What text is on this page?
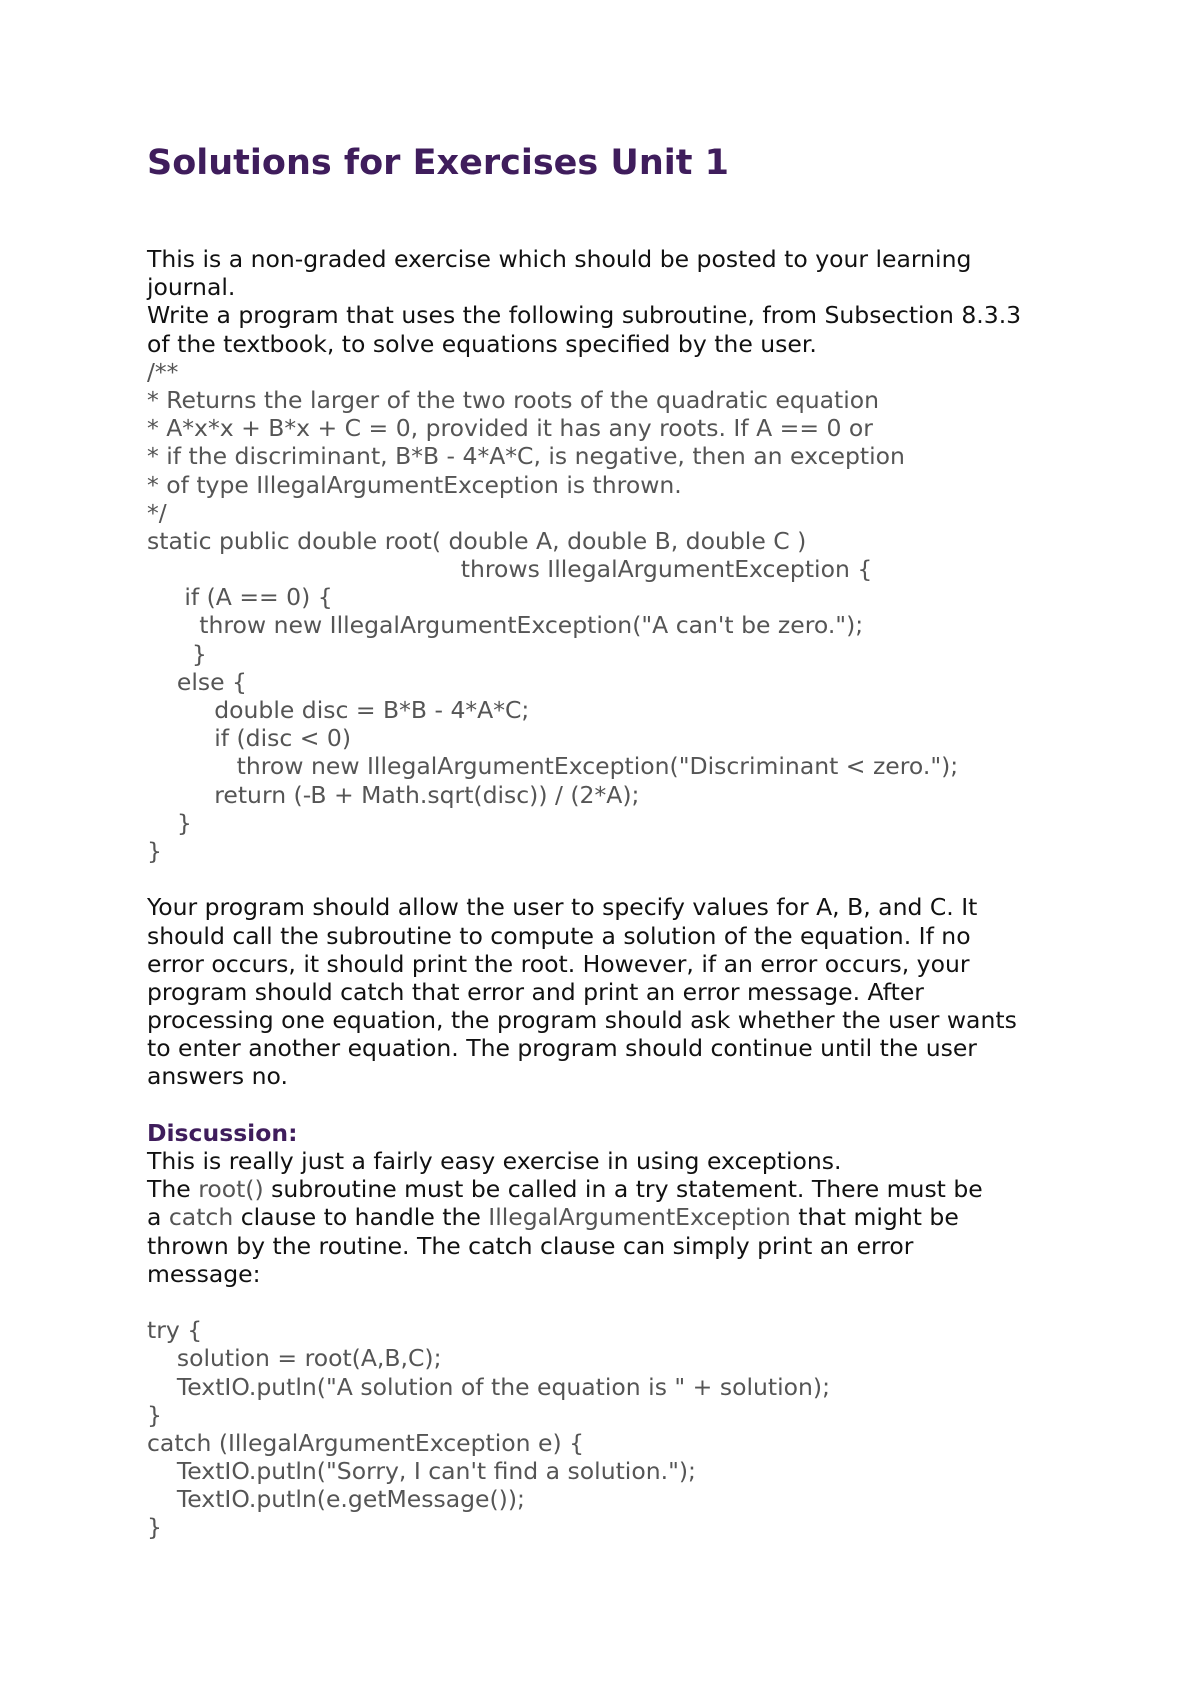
Solutions for Exercises Unit 1
This is a non-graded exercise which should be posted to your learning
journal.
Write a program that uses the following subroutine, from Subsection 8.3.3
of the textbook, to solve equations specified by the user.
/**
* Returns the larger of the two roots of the quadratic equation
* A*x*x + B*x + C = 0, provided it has any roots. If A == 0 or
* if the discriminant, B*B - 4*A*C, is negative, then an exception
* of type IllegalArgumentException is thrown.
*/
static public double root( double A, double B, double C )
throws IllegalArgumentException {
if (A == 0) {
throw new IllegalArgumentException("A can't be zero.");
}
else {
double disc = B*B - 4*A*C;
if (disc < 0)
throw new IllegalArgumentException("Discriminant < zero.");
return (-B + Math.sqrt(disc)) / (2*A);
}
}
Your program should allow the user to specify values for A, B, and C. It
should call the subroutine to compute a solution of the equation. If no
error occurs, it should print the root. However, if an error occurs, your
program should catch that error and print an error message. After
processing one equation, the program should ask whether the user wants
to enter another equation. The program should continue until the user
answers no.
Discussion:
This is really just a fairly easy exercise in using exceptions.
The root() subroutine must be called in a try statement. There must be
a catch clause to handle the IllegalArgumentException that might be
thrown by the routine. The catch clause can simply print an error
message:
try {
solution = root(A,B,C);
TextIO.putln("A solution of the equation is " + solution);
}
catch (IllegalArgumentException e) {
TextIO.putln("Sorry, I can't find a solution.");
TextIO.putln(e.getMessage());
}
